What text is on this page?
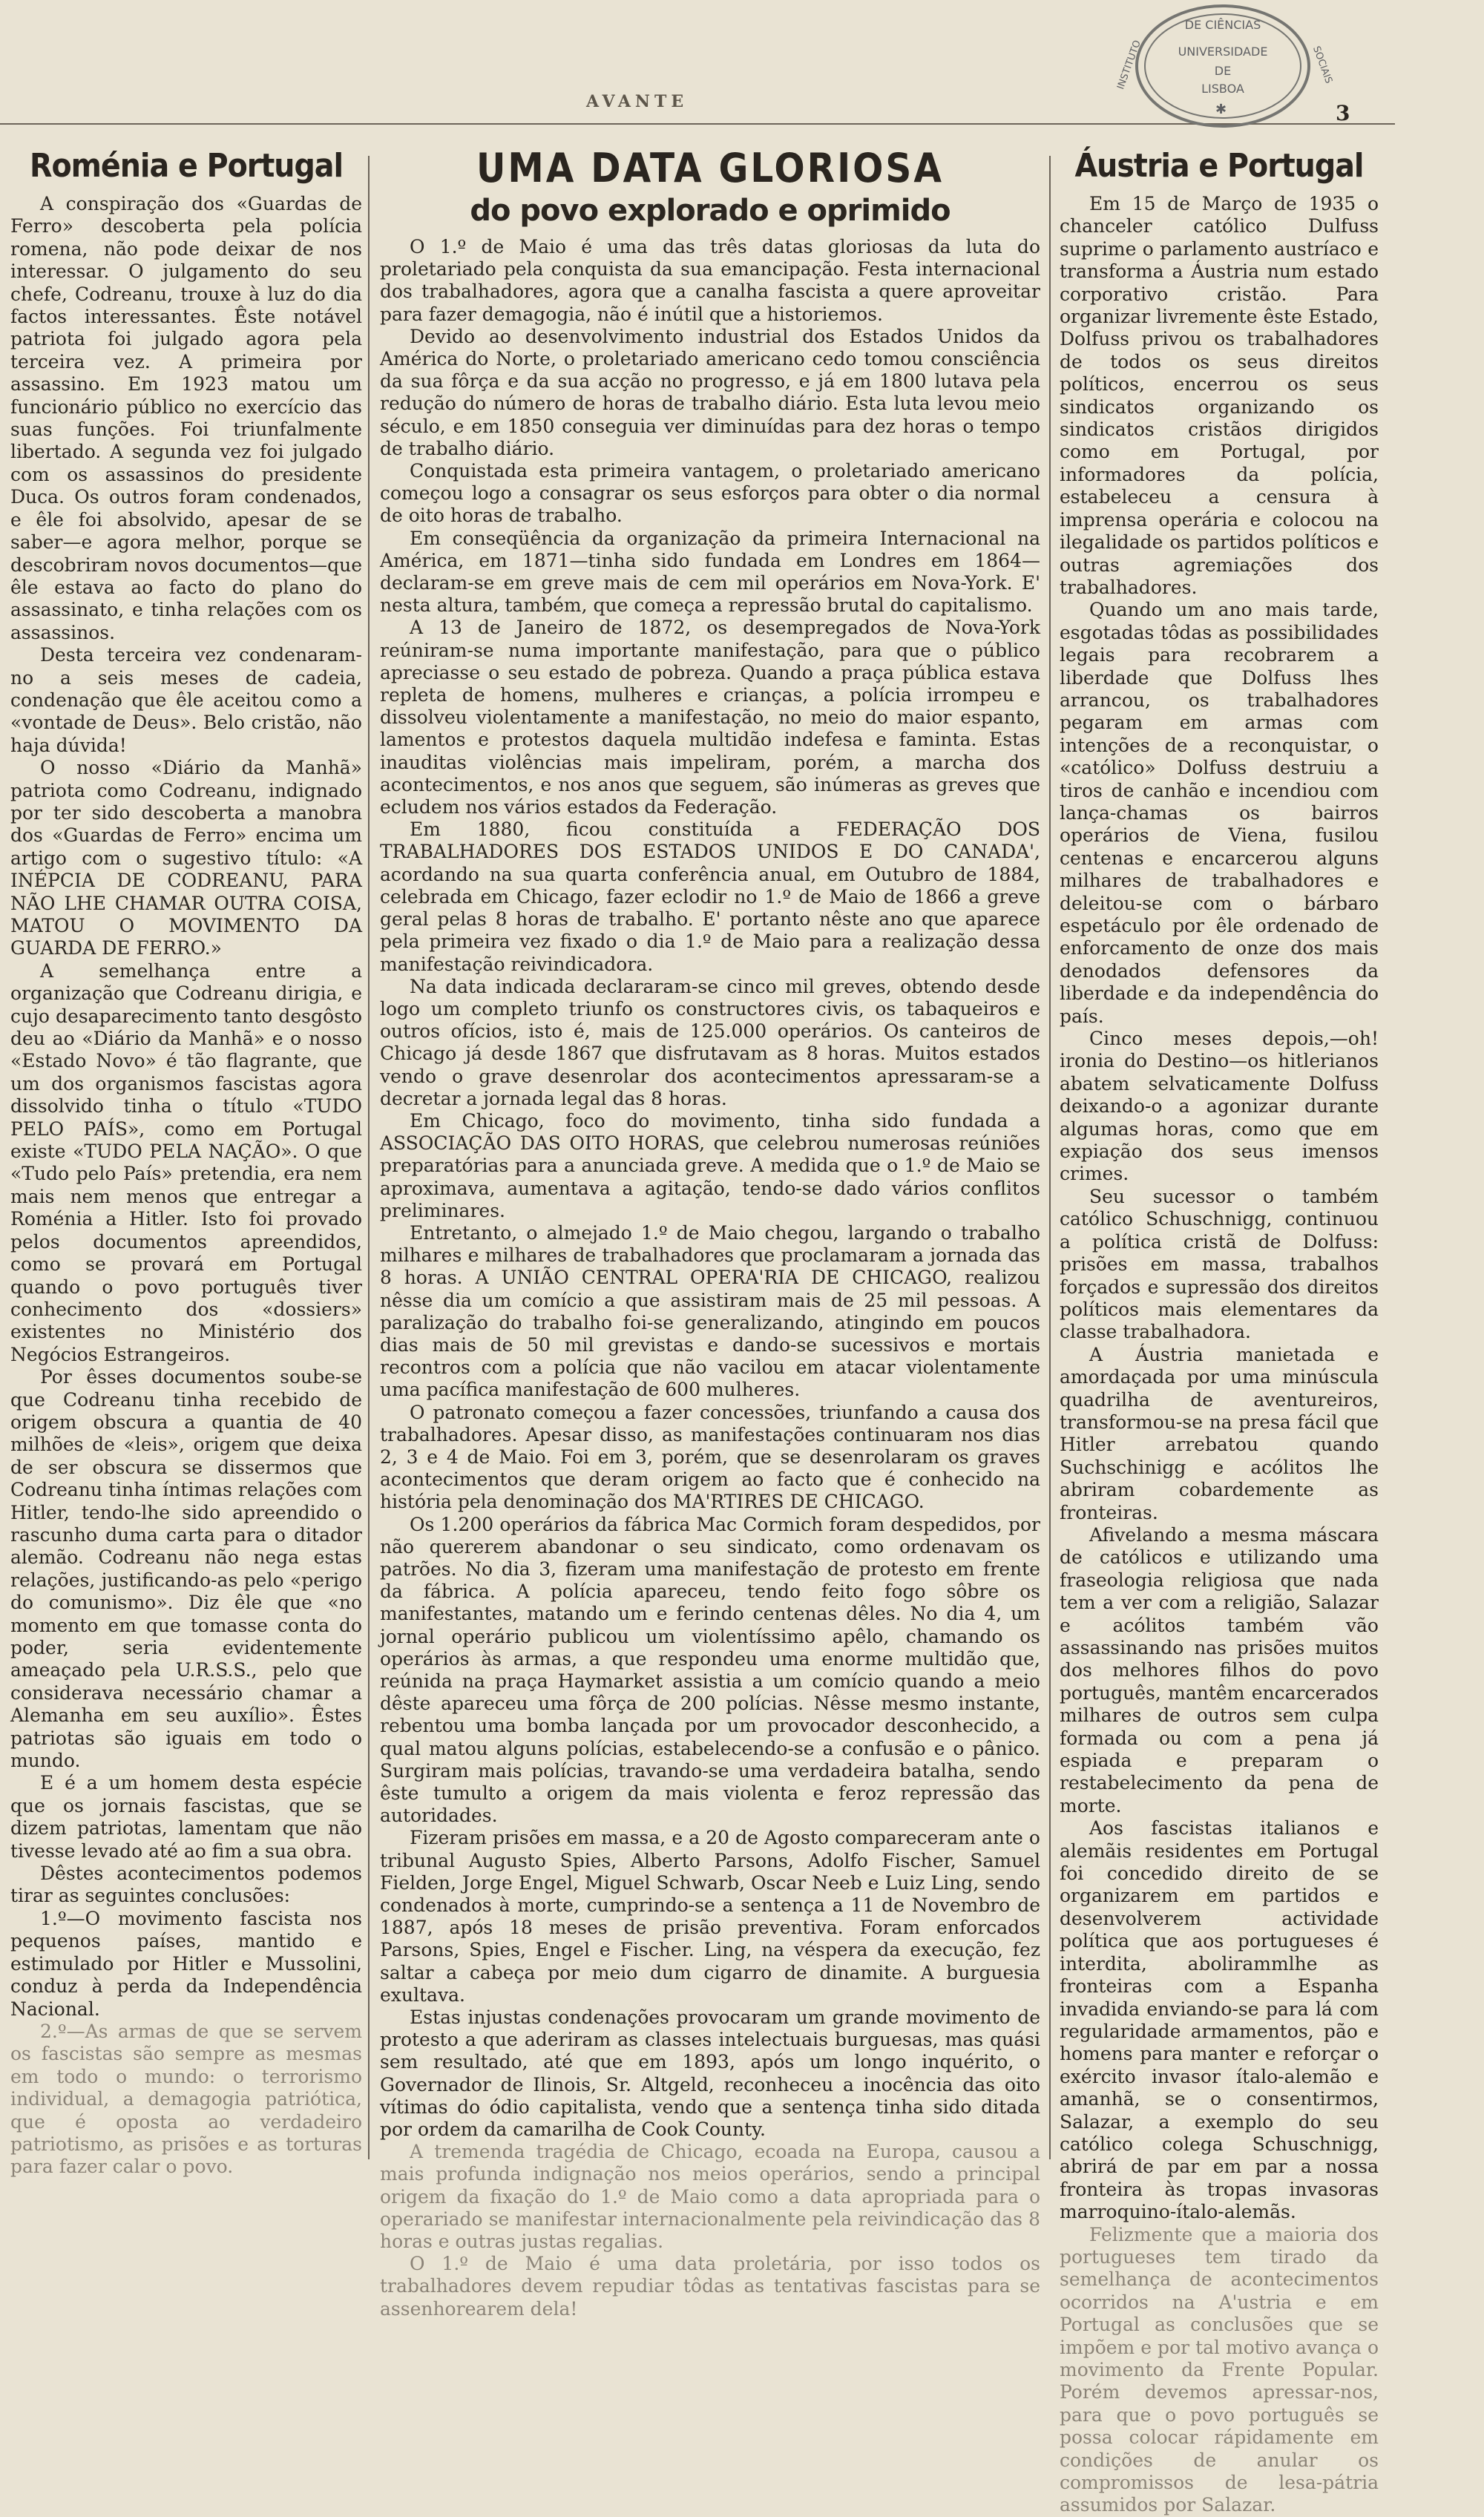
AVANTE	3
DE CIÊNCIAS
UNIVERSIDADE
DE
LISBOA
INSTITUTO	SOCIAIS
✱
Roménia e Portugal

A conspiração dos «Guardas de Ferro» descoberta pela polícia romena, não pode deixar de nos interessar. O julgamento do seu chefe, Codreanu, trouxe à luz do dia factos interessantes. Êste notável patriota foi julgado agora pela terceira vez. A primeira por assassino. Em 1923 matou um funcionário público no exercício das suas funções. Foi triunfalmente libertado. A segunda vez foi julgado com os assassinos do presidente Duca. Os outros foram condenados, e êle foi absolvido, apesar de se saber—e agora melhor, porque se descobriram novos documentos—que êle estava ao facto do plano do assassinato, e tinha relações com os assassinos.

Desta terceira vez condenaram-no a seis meses de cadeia, condenação que êle aceitou como a «vontade de Deus». Belo cristão, não haja dúvida!

O nosso «Diário da Manhã» patriota como Codreanu, indignado por ter sido descoberta a manobra dos «Guardas de Ferro» encima um artigo com o sugestivo título: «A INÉPCIA DE CODREANU, PARA NÃO LHE CHAMAR OUTRA COISA, MATOU O MOVIMENTO DA GUARDA DE FERRO.»

A semelhança entre a organização que Codreanu dirigia, e cujo desaparecimento tanto desgôsto deu ao «Diário da Manhã» e o nosso «Estado Novo» é tão flagrante, que um dos organismos fascistas agora dissolvido tinha o título «TUDO PELO PAÍS», como em Portugal existe «TUDO PELA NAÇÃO». O que «Tudo pelo País» pretendia, era nem mais nem menos que entregar a Roménia a Hitler. Isto foi provado pelos documentos apreendidos, como se provará em Portugal quando o povo português tiver conhecimento dos «dossiers» existentes no Ministério dos Negócios Estrangeiros.

Por êsses documentos soube-se que Codreanu tinha recebido de origem obscura a quantia de 40 milhões de «leis», origem que deixa de ser obscura se dissermos que Codreanu tinha íntimas relações com Hitler, tendo-lhe sido apreendido o rascunho duma carta para o ditador alemão. Codreanu não nega estas relações, justificando-as pelo «perigo do comunismo». Diz êle que «no momento em que tomasse conta do poder, seria evidentemente ameaçado pela U.R.S.S., pelo que considerava necessário chamar a Alemanha em seu auxílio». Êstes patriotas são iguais em todo o mundo.

E é a um homem desta espécie que os jornais fascistas, que se dizem patriotas, lamentam que não tivesse levado até ao fim a sua obra.

Dêstes acontecimentos podemos tirar as seguintes conclusões:

1.º—O movimento fascista nos pequenos países, mantido e estimulado por Hitler e Mussolini, conduz à perda da Independência Nacional.

2.º—As armas de que se servem os fascistas são sempre as mesmas em todo o mundo: o terrorismo individual, a demagogia patriótica, que é oposta ao verdadeiro patriotismo, as prisões e as torturas para fazer calar o povo.

UMA DATA GLORIOSA
do povo explorado e oprimido

O 1.º de Maio é uma das três datas gloriosas da luta do proletariado pela conquista da sua emancipação. Festa internacional dos trabalhadores, agora que a canalha fascista a quere aproveitar para fazer demagogia, não é inútil que a historiemos.

Devido ao desenvolvimento industrial dos Estados Unidos da América do Norte, o proletariado americano cedo tomou consciência da sua fôrça e da sua acção no progresso, e já em 1800 lutava pela redução do número de horas de trabalho diário. Esta luta levou meio século, e em 1850 conseguia ver diminuídas para dez horas o tempo de trabalho diário.

Conquistada esta primeira vantagem, o proletariado americano começou logo a consagrar os seus esforços para obter o dia normal de oito horas de trabalho.

Em conseqüência da organização da primeira Internacional na América, em 1871—tinha sido fundada em Londres em 1864—declaram-se em greve mais de cem mil operários em Nova-York. E' nesta altura, também, que começa a repressão brutal do capitalismo.

A 13 de Janeiro de 1872, os desempregados de Nova-York reúniram-se numa importante manifestação, para que o público apreciasse o seu estado de pobreza. Quando a praça pública estava repleta de homens, mulheres e crianças, a polícia irrompeu e dissolveu violentamente a manifestação, no meio do maior espanto, lamentos e protestos daquela multidão indefesa e faminta. Estas inauditas violências mais impeliram, porém, a marcha dos acontecimentos, e nos anos que seguem, são inúmeras as greves que ecludem nos vários estados da Federação.

Em 1880, ficou constituída a FEDERAÇÃO DOS TRABALHADORES DOS ESTADOS UNIDOS E DO CANADA', acordando na sua quarta conferência anual, em Outubro de 1884, celebrada em Chicago, fazer eclodir no 1.º de Maio de 1866 a greve geral pelas 8 horas de trabalho. E' portanto nêste ano que aparece pela primeira vez fixado o dia 1.º de Maio para a realização dessa manifestação reivindicadora.

Na data indicada declararam-se cinco mil greves, obtendo desde logo um completo triunfo os constructores civis, os tabaqueiros e outros ofícios, isto é, mais de 125.000 operários. Os canteiros de Chicago já desde 1867 que disfrutavam as 8 horas. Muitos estados vendo o grave desenrolar dos acontecimentos apressaram-se a decretar a jornada legal das 8 horas.

Em Chicago, foco do movimento, tinha sido fundada a ASSOCIAÇÃO DAS OITO HORAS, que celebrou numerosas reúniões preparatórias para a anunciada greve. A medida que o 1.º de Maio se aproximava, aumentava a agitação, tendo-se dado vários conflitos preliminares.

Entretanto, o almejado 1.º de Maio chegou, largando o trabalho milhares e milhares de trabalhadores que proclamaram a jornada das 8 horas. A UNIÃO CENTRAL OPERA'RIA DE CHICAGO, realizou nêsse dia um comício a que assistiram mais de 25 mil pessoas. A paralização do trabalho foi-se generalizando, atingindo em poucos dias mais de 50 mil grevistas e dando-se sucessivos e mortais recontros com a polícia que não vacilou em atacar violentamente uma pacífica manifestação de 600 mulheres.

O patronato começou a fazer concessões, triunfando a causa dos trabalhadores. Apesar disso, as manifestações continuaram nos dias 2, 3 e 4 de Maio. Foi em 3, porém, que se desenrolaram os graves acontecimentos que deram origem ao facto que é conhecido na história pela denominação dos MA'RTIRES DE CHICAGO.

Os 1.200 operários da fábrica Mac Cormich foram despedidos, por não quererem abandonar o seu sindicato, como ordenavam os patrões. No dia 3, fizeram uma manifestação de protesto em frente da fábrica. A polícia apareceu, tendo feito fogo sôbre os manifestantes, matando um e ferindo centenas dêles. No dia 4, um jornal operário publicou um violentíssimo apêlo, chamando os operários às armas, a que respondeu uma enorme multidão que, reúnida na praça Haymarket assistia a um comício quando a meio dêste apareceu uma fôrça de 200 polícias. Nêsse mesmo instante, rebentou uma bomba lançada por um provocador desconhecido, a qual matou alguns polícias, estabelecendo-se a confusão e o pânico. Surgiram mais polícias, travando-se uma verdadeira batalha, sendo êste tumulto a origem da mais violenta e feroz repressão das autoridades.

Fizeram prisões em massa, e a 20 de Agosto compareceram ante o tribunal Augusto Spies, Alberto Parsons, Adolfo Fischer, Samuel Fielden, Jorge Engel, Miguel Schwarb, Oscar Neeb e Luiz Ling, sendo condenados à morte, cumprindo-se a sentença a 11 de Novembro de 1887, após 18 meses de prisão preventiva. Foram enforcados Parsons, Spies, Engel e Fischer. Ling, na véspera da execução, fez saltar a cabeça por meio dum cigarro de dinamite. A burguesia exultava.

Estas injustas condenações provocaram um grande movimento de protesto a que aderiram as classes intelectuais burguesas, mas quási sem resultado, até que em 1893, após um longo inquérito, o Governador de Ilinois, Sr. Altgeld, reconheceu a inocência das oito vítimas do ódio capitalista, vendo que a sentença tinha sido ditada por ordem da camarilha de Cook County.

A tremenda tragédia de Chicago, ecoada na Europa, causou a mais profunda indignação nos meios operários, sendo a principal origem da fixação do 1.º de Maio como a data apropriada para o operariado se manifestar internacionalmente pela reivindicação das 8 horas e outras justas regalias.

O 1.º de Maio é uma data proletária, por isso todos os trabalhadores devem repudiar tôdas as tentativas fascistas para se assenhorearem dela!

Áustria e Portugal

Em 15 de Março de 1935 o chanceler católico Dulfuss suprime o parlamento austríaco e transforma a Áustria num estado corporativo cristão. Para organizar livremente êste Estado, Dolfuss privou os trabalhadores de todos os seus direitos políticos, encerrou os seus sindicatos organizando os sindicatos cristãos dirigidos como em Portugal, por informadores da polícia, estabeleceu a censura à imprensa operária e colocou na ilegalidade os partidos políticos e outras agremiações dos trabalhadores.

Quando um ano mais tarde, esgotadas tôdas as possibilidades legais para recobrarem a liberdade que Dolfuss lhes arrancou, os trabalhadores pegaram em armas com intenções de a reconquistar, o «católico» Dolfuss destruiu a tiros de canhão e incendiou com lança-chamas os bairros operários de Viena, fusilou centenas e encarcerou alguns milhares de trabalhadores e deleitou-se com o bárbaro espetáculo por êle ordenado de enforcamento de onze dos mais denodados defensores da liberdade e da independência do país.

Cinco meses depois,—oh! ironia do Destino—os hitlerianos abatem selvaticamente Dolfuss deixando-o a agonizar durante algumas horas, como que em expiação dos seus imensos crimes.

Seu sucessor o também católico Schuschnigg, continuou a política cristã de Dolfuss: prisões em massa, trabalhos forçados e supressão dos direitos políticos mais elementares da classe trabalhadora.

A Áustria manietada e amordaçada por uma minúscula quadrilha de aventureiros, transformou-se na presa fácil que Hitler arrebatou quando Suchschinigg e acólitos lhe abriram cobardemente as fronteiras.

Afivelando a mesma máscara de católicos e utilizando uma fraseologia religiosa que nada tem a ver com a religião, Salazar e acólitos também vão assassinando nas prisões muitos dos melhores filhos do povo português, mantêm encarcerados milhares de outros sem culpa formada ou com a pena já espiada e preparam o restabelecimento da pena de morte.

Aos fascistas italianos e alemãis residentes em Portugal foi concedido direito de se organizarem em partidos e desenvolverem actividade política que aos portugueses é interdita, abolirammlhe as fronteiras com a Espanha invadida enviando-se para lá com regularidade armamentos, pão e homens para manter e reforçar o exército invasor ítalo-alemão e amanhã, se o consentirmos, Salazar, a exemplo do seu católico colega Schuschnigg, abrirá de par em par a nossa fronteira às tropas invasoras marroquino-ítalo-alemãs.

Felizmente que a maioria dos portugueses tem tirado da semelhança de acontecimentos ocorridos na A'ustria e em Portugal as conclusões que se impõem e por tal motivo avança o movimento da Frente Popular. Porém devemos apressar-nos, para que o povo português se possa colocar rápidamente em condições de anular os compromissos de lesa-pátria assumidos por Salazar.
